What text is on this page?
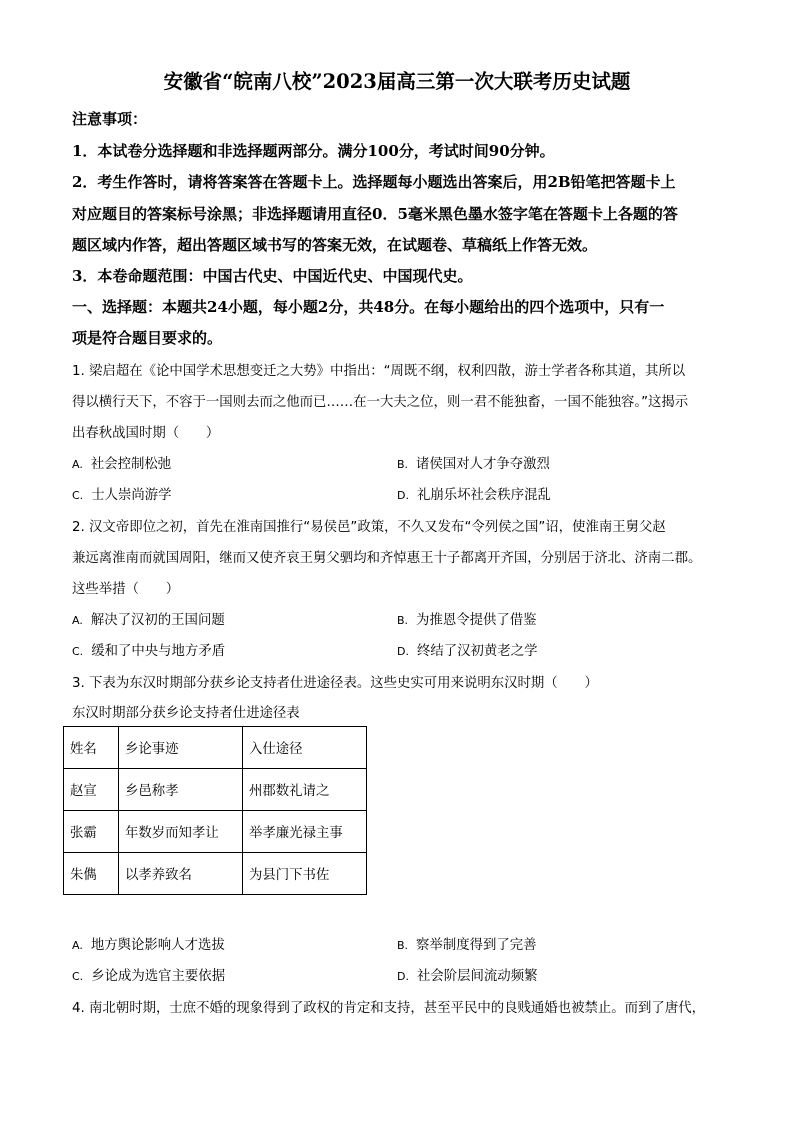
安徽省“皖南八校”2023届高三第一次大联考历史试题
注意事项：
1．本试卷分选择题和非选择题两部分。满分100分，考试时间90分钟。
2．考生作答时，请将答案答在答题卡上。选择题每小题选出答案后，用2B铅笔把答题卡上
对应题目的答案标号涂黑；非选择题请用直径0．5毫米黑色墨水签字笔在答题卡上各题的答
题区域内作答，超出答题区域书写的答案无效，在试题卷、草稿纸上作答无效。
3．本卷命题范围：中国古代史、中国近代史、中国现代史。
一、选择题：本题共24小题，每小题2分，共48分。在每小题给出的四个选项中，只有一
项是符合题目要求的。
1. 梁启超在《论中国学术思想变迁之大势》中指出：“周既不纲，权利四散，游士学者各称其道，其所以
得以横行天下，不容于一国则去而之他而已……在一大夫之位，则一君不能独畜，一国不能独容。”这揭示
出春秋战国时期（　　）
A. 社会控制松弛	B. 诸侯国对人才争夺激烈
C. 士人崇尚游学	D. 礼崩乐坏社会秩序混乱
2. 汉文帝即位之初，首先在淮南国推行“易侯邑”政策，不久又发布“令列侯之国”诏，使淮南王舅父赵
兼远离淮南而就国周阳，继而又使齐哀王舅父驷均和齐悼惠王十子都离开齐国，分别居于济北、济南二郡。
这些举措（　　）
A. 解决了汉初的王国问题	B. 为推恩令提供了借鉴
C. 缓和了中央与地方矛盾	D. 终结了汉初黄老之学
3. 下表为东汉时期部分获乡论支持者仕进途径表。这些史实可用来说明东汉时期（　　）
东汉时期部分获乡论支持者仕进途径表
姓名	乡论事迹	入仕途径
赵宣	乡邑称孝	州郡数礼请之
张霸	年数岁而知孝让	举孝廉光禄主事
朱儁	以孝养致名	为县门下书佐
A. 地方舆论影响人才选拔	B. 察举制度得到了完善
C. 乡论成为选官主要依据	D. 社会阶层间流动频繁
4. 南北朝时期，士庶不婚的现象得到了政权的肯定和支持，甚至平民中的良贱通婚也被禁止。而到了唐代，
